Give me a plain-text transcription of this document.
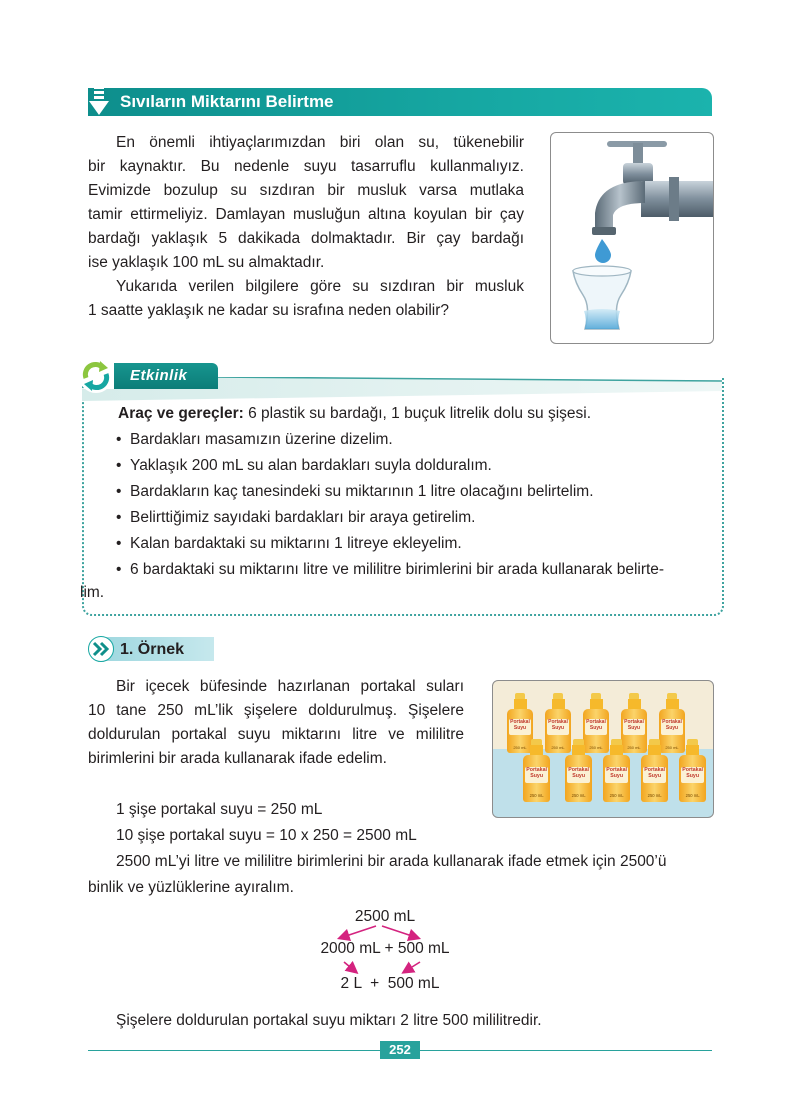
Sıvıların Miktarını Belirtme

En önemli ihtiyaçlarımızdan biri olan su, tükenebilir

bir kaynaktır. Bu nedenle suyu tasarruflu kullanmalıyız.

Evimizde bozulup su sızdıran bir musluk varsa mutlaka

tamir ettirmeliyiz. Damlayan musluğun altına koyulan bir çay

bardağı yaklaşık 5 dakikada dolmaktadır. Bir çay bardağı

ise yaklaşık 100 mL su almaktadır.

Yukarıda verilen bilgilere göre su sızdıran bir musluk

1 saatte yaklaşık ne kadar su israfına neden olabilir?

Etkinlik
Araç ve gereçler: 6 plastik su bardağı, 1 buçuk litrelik dolu su şişesi.
• Bardakları masamızın üzerine dizelim.
• Yaklaşık 200 mL su alan bardakları suyla dolduralım.
• Bardakların kaç tanesindeki su miktarının 1 litre olacağını belirtelim.
• Belirttiğimiz sayıdaki bardakları bir araya getirelim.
• Kalan bardaktaki su miktarını 1 litreye ekleyelim.
• 6 bardaktaki su miktarını litre ve mililitre birimlerini bir arada kullanarak belirte-
lim.
1. Örnek

Bir içecek büfesinde hazırlanan portakal suları

10 tane 250 mL’lik şişelere doldurulmuş. Şişelere

doldurulan portakal suyu miktarını litre ve mililitre

birimlerini bir arada kullanarak ifade edelim.

Portakal
Suyu
250 mL
Portakal
Suyu
250 mL
Portakal
Suyu
250 mL
Portakal
Suyu
250 mL
Portakal
Suyu
250 mL
Portakal
Suyu
250 mL
Portakal
Suyu
250 mL
Portakal
Suyu
250 mL
Portakal
Suyu
250 mL
Portakal
Suyu
250 mL
1 şişe portakal suyu = 250 mL
10 şişe portakal suyu = 10 x 250 = 2500 mL
2500 mL’yi litre ve mililitre birimlerini bir arada kullanarak ifade etmek için 2500’ü
binlik ve yüzlüklerine ayıralım.
2500 mL
2000 mL + 500 mL
2 L  +  500 mL
Şişelere doldurulan portakal suyu miktarı 2 litre 500 mililitredir.
252
